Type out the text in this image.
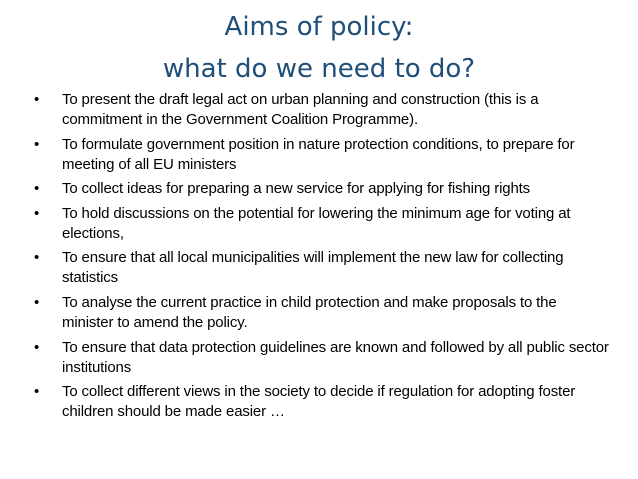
Aims of policy:
what do we need to do?
•	To present the draft legal act on urban planning and construction (this is a commitment in the Government Coalition Programme).
•	To formulate government position in nature protection conditions, to prepare for meeting of all EU ministers
•	To collect ideas for preparing a new service for applying for fishing rights
•	To hold discussions on the potential for lowering the minimum age for voting at elections,
•	To ensure that all local municipalities will implement the new law for collecting statistics
•	To analyse the current practice in child protection and make proposals to the minister to amend the policy.
•	To ensure that data protection guidelines are known and followed by all public sector institutions
•	To collect different views in the society to decide if regulation for adopting foster children should be made easier …
